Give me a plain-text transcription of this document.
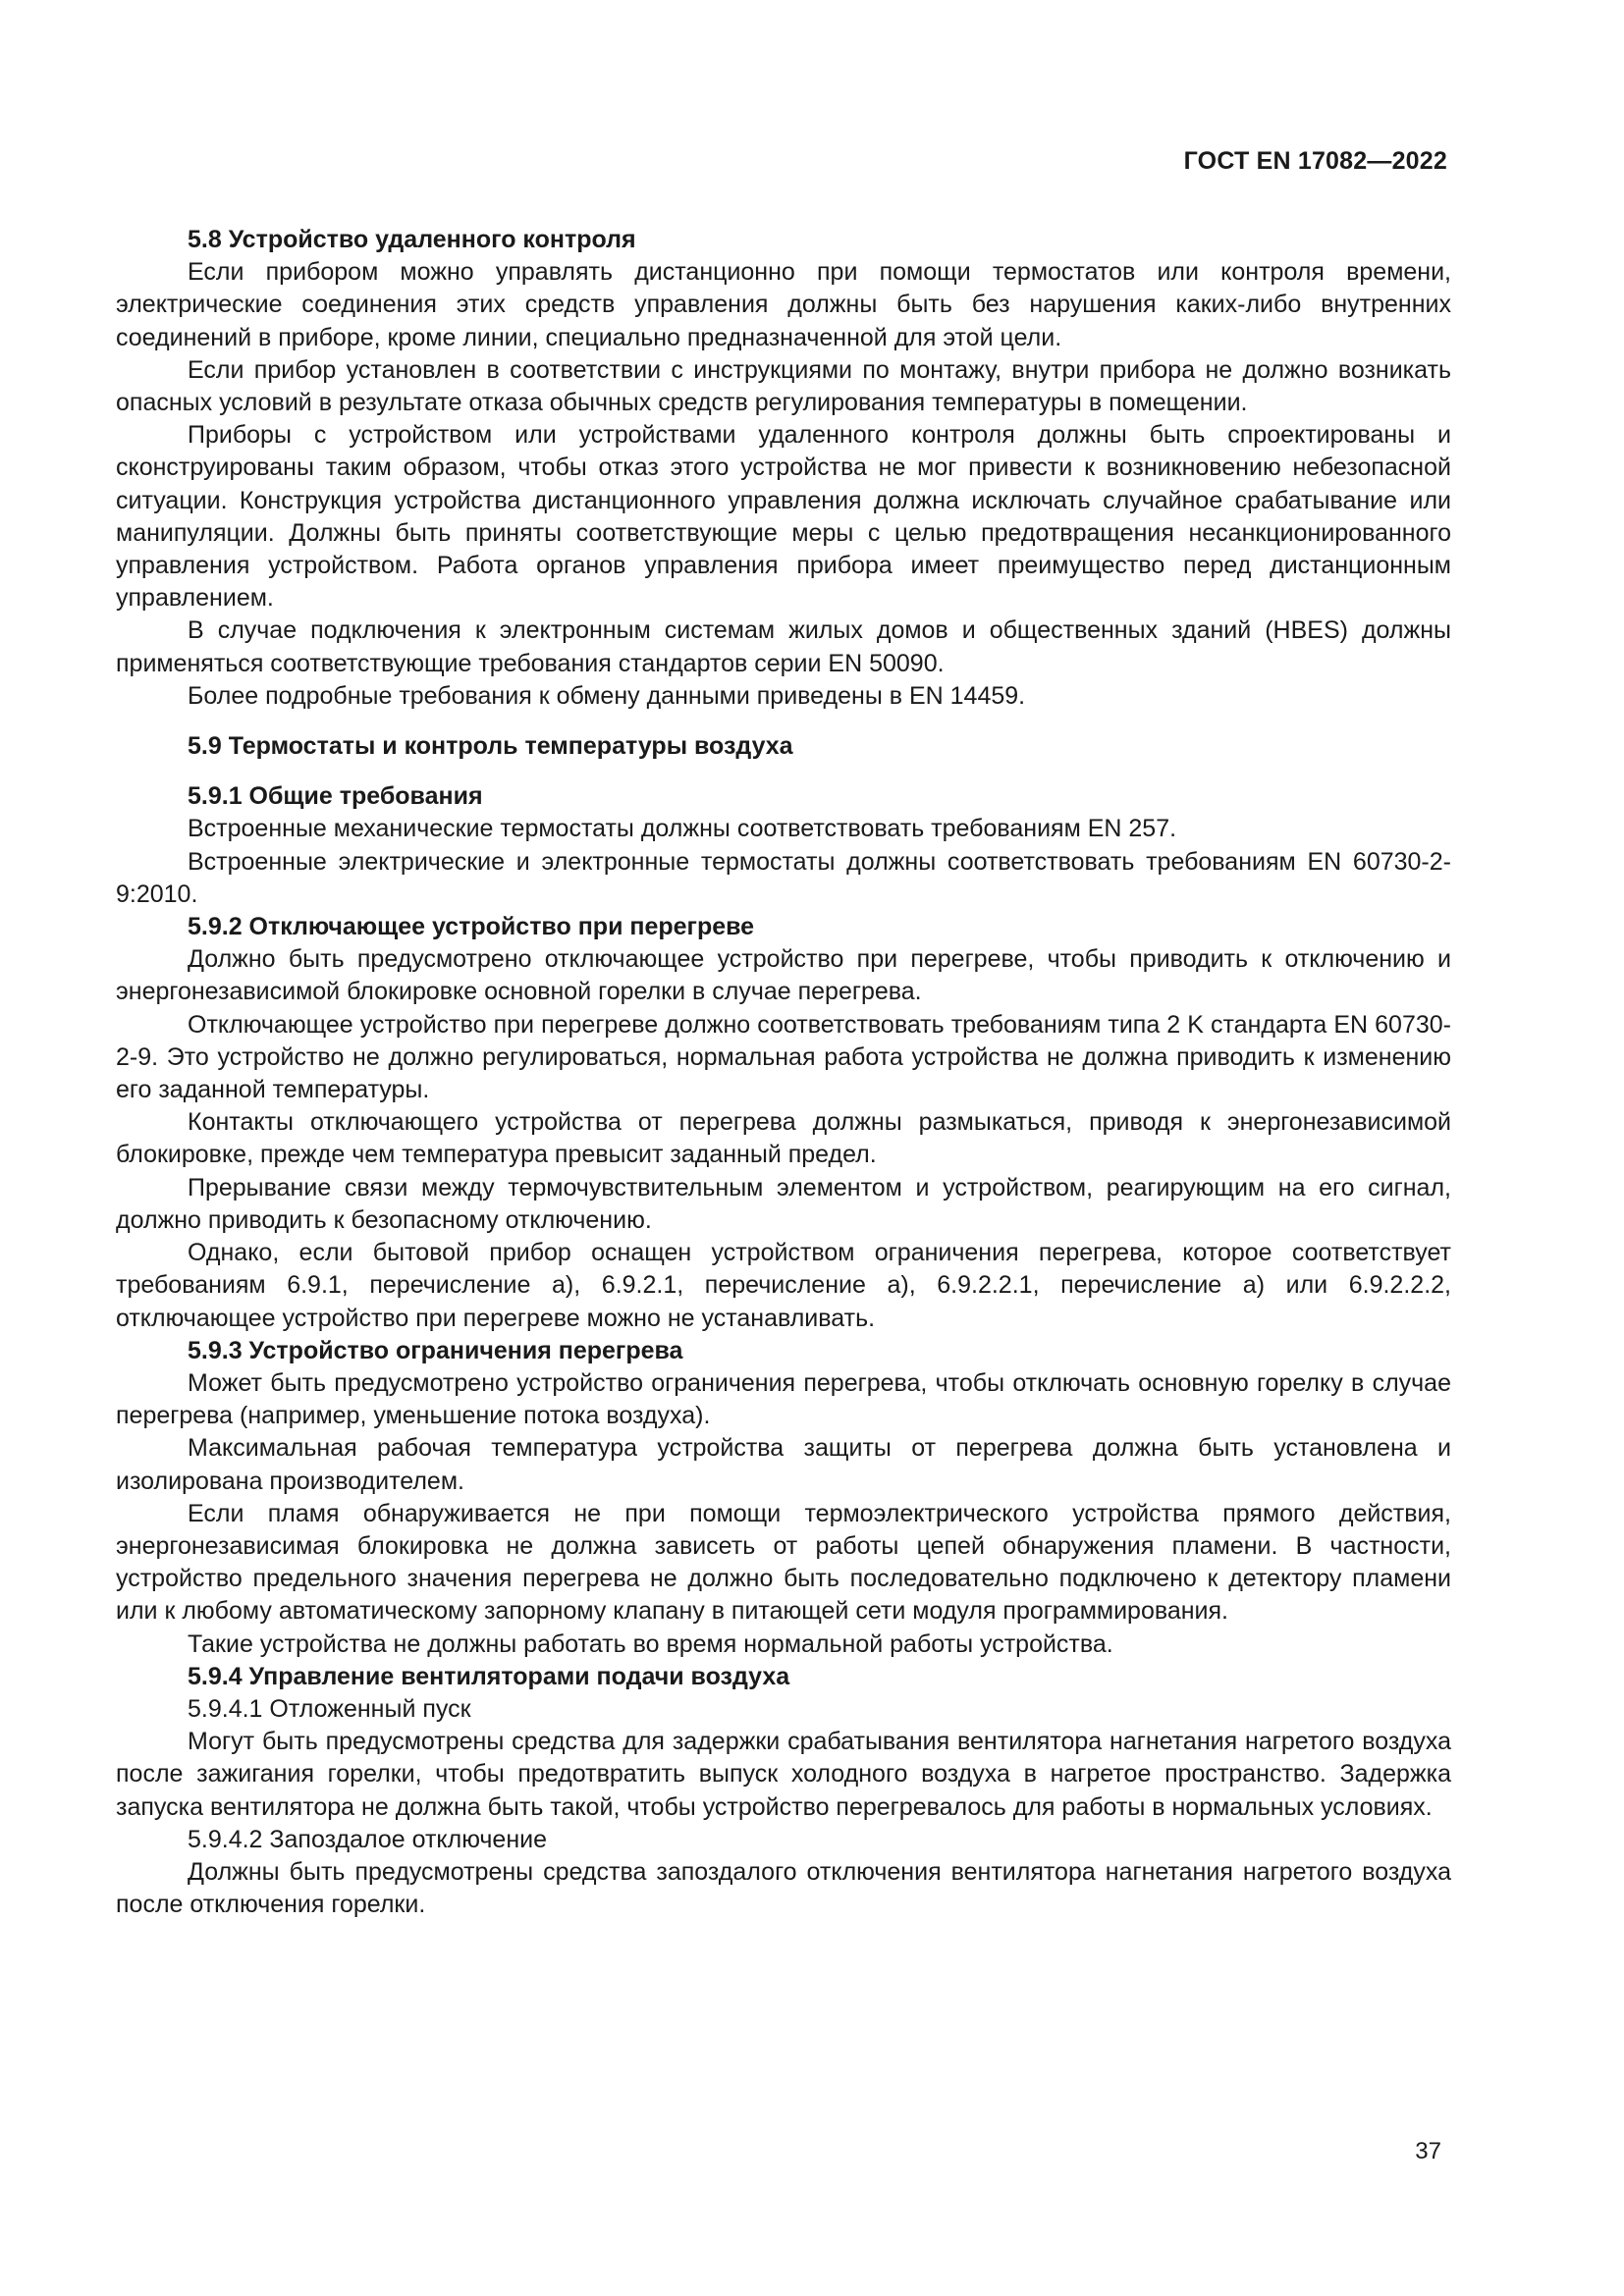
ГОСТ EN 17082—2022

5.8 Устройство удаленного контроля

Если прибором можно управлять дистанционно при помощи термостатов или контроля времени, электрические соединения этих средств управления должны быть без нарушения каких-либо внутренних соединений в приборе, кроме линии, специально предназначенной для этой цели.

Если прибор установлен в соответствии с инструкциями по монтажу, внутри прибора не должно возникать опасных условий в результате отказа обычных средств регулирования температуры в помещении.

Приборы с устройством или устройствами удаленного контроля должны быть спроектированы и сконструированы таким образом, чтобы отказ этого устройства не мог привести к возникновению небезопасной ситуации. Конструкция устройства дистанционного управления должна исключать случайное срабатывание или манипуляции. Должны быть приняты соответствующие меры с целью предотвращения несанкционированного управления устройством. Работа органов управления прибора имеет преимущество перед дистанционным управлением.

В случае подключения к электронным системам жилых домов и общественных зданий (HBES) должны применяться соответствующие требования стандартов серии EN 50090.

Более подробные требования к обмену данными приведены в EN 14459.

5.9 Термостаты и контроль температуры воздуха

5.9.1 Общие требования

Встроенные механические термостаты должны соответствовать требованиям EN 257.

Встроенные электрические и электронные термостаты должны соответствовать требованиям EN 60730-2-9:2010.

5.9.2 Отключающее устройство при перегреве

Должно быть предусмотрено отключающее устройство при перегреве, чтобы приводить к отключению и энергонезависимой блокировке основной горелки в случае перегрева.

Отключающее устройство при перегреве должно соответствовать требованиям типа 2 K стандарта EN 60730-2-9. Это устройство не должно регулироваться, нормальная работа устройства не должна приводить к изменению его заданной температуры.

Контакты отключающего устройства от перегрева должны размыкаться, приводя к энергонезависимой блокировке, прежде чем температура превысит заданный предел.

Прерывание связи между термочувствительным элементом и устройством, реагирующим на его сигнал, должно приводить к безопасному отключению.

Однако, если бытовой прибор оснащен устройством ограничения перегрева, которое соответствует требованиям 6.9.1, перечисление а), 6.9.2.1, перечисление а), 6.9.2.2.1, перечисление а) или 6.9.2.2.2, отключающее устройство при перегреве можно не устанавливать.

5.9.3 Устройство ограничения перегрева

Может быть предусмотрено устройство ограничения перегрева, чтобы отключать основную горелку в случае перегрева (например, уменьшение потока воздуха).

Максимальная рабочая температура устройства защиты от перегрева должна быть установлена и изолирована производителем.

Если пламя обнаруживается не при помощи термоэлектрического устройства прямого действия, энергонезависимая блокировка не должна зависеть от работы цепей обнаружения пламени. В частности, устройство предельного значения перегрева не должно быть последовательно подключено к детектору пламени или к любому автоматическому запорному клапану в питающей сети модуля программирования.

Такие устройства не должны работать во время нормальной работы устройства.

5.9.4 Управление вентиляторами подачи воздуха

5.9.4.1 Отложенный пуск

Могут быть предусмотрены средства для задержки срабатывания вентилятора нагнетания нагретого воздуха после зажигания горелки, чтобы предотвратить выпуск холодного воздуха в нагретое пространство. Задержка запуска вентилятора не должна быть такой, чтобы устройство перегревалось для работы в нормальных условиях.

5.9.4.2 Запоздалое отключение

Должны быть предусмотрены средства запоздалого отключения вентилятора нагнетания нагретого воздуха после отключения горелки.

37
